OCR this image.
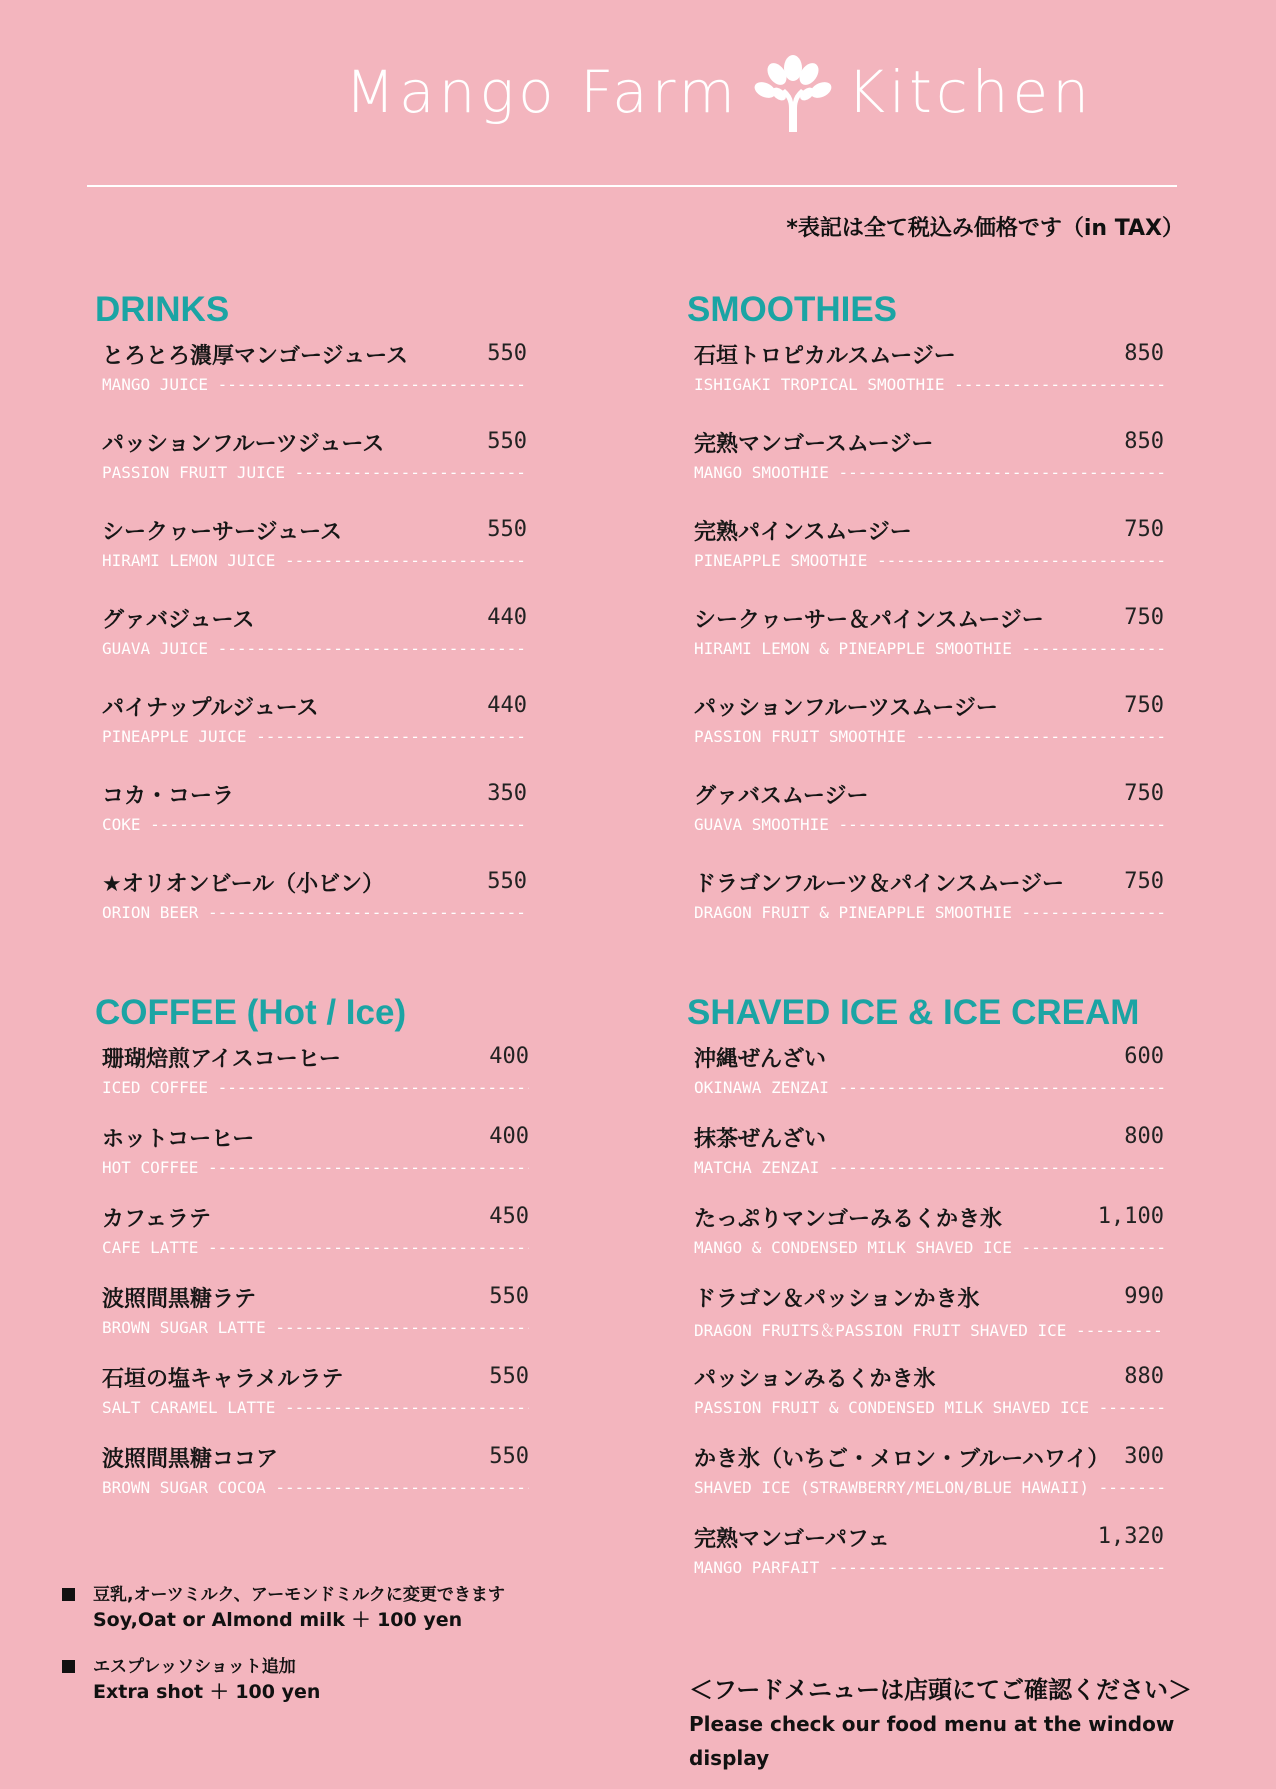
Mango Farm Kitchen
*表記は全て税込み価格です（in TAX）
DRINKS
とろとろ濃厚マンゴージュース	550
MANGO JUICE -----
パッションフルーツジュース	550
PASSION FRUIT JUICE -----
シークヮーサージュース	550
HIRAMI LEMON JUICE -----
グァバジュース	440
GUAVA JUICE -----
パイナップルジュース	440
PINEAPPLE JUICE -----
コカ・コーラ	350
COKE -----
★オリオンビール（小ビン）	550
ORION BEER -----
SMOOTHIES
石垣トロピカルスムージー	850
ISHIGAKI TROPICAL SMOOTHIE -----
完熟マンゴースムージー	850
MANGO SMOOTHIE -----
完熟パインスムージー	750
PINEAPPLE SMOOTHIE -----
シークヮーサー＆パインスムージー	750
HIRAMI LEMON & PINEAPPLE SMOOTHIE -----
パッションフルーツスムージー	750
PASSION FRUIT SMOOTHIE -----
グァバスムージー	750
GUAVA SMOOTHIE -----
ドラゴンフルーツ＆パインスムージー	750
DRAGON FRUIT & PINEAPPLE SMOOTHIE -----
COFFEE (Hot / Ice)
珊瑚焙煎アイスコーヒー	400
ICED COFFEE -----
ホットコーヒー	400
HOT COFFEE -----
カフェラテ	450
CAFE LATTE -----
波照間黒糖ラテ	550
BROWN SUGAR LATTE -----
石垣の塩キャラメルラテ	550
SALT CARAMEL LATTE -----
波照間黒糖ココア	550
BROWN SUGAR COCOA -----
SHAVED ICE & ICE CREAM
沖縄ぜんざい	600
OKINAWA ZENZAI -----
抹茶ぜんざい	800
MATCHA ZENZAI -----
たっぷりマンゴーみるくかき氷	1,100
MANGO & CONDENSED MILK SHAVED ICE -----
ドラゴン＆パッションかき氷	990
DRAGON FRUITS＆PASSION FRUIT SHAVED ICE -----
パッションみるくかき氷	880
PASSION FRUIT & CONDENSED MILK SHAVED ICE -----
かき氷（いちご・メロン・ブルーハワイ） 300
SHAVED ICE (STRAWBERRY/MELON/BLUE HAWAII) -----
完熟マンゴーパフェ	1,320
MANGO PARFAIT -----
豆乳,オーツミルク、アーモンドミルクに変更できます
Soy,Oat or Almond milk ＋ 100 yen
エスプレッソショット追加
Extra shot ＋ 100 yen	＜フードメニューは店頭にてご確認ください＞
Please check our food menu at the window display
